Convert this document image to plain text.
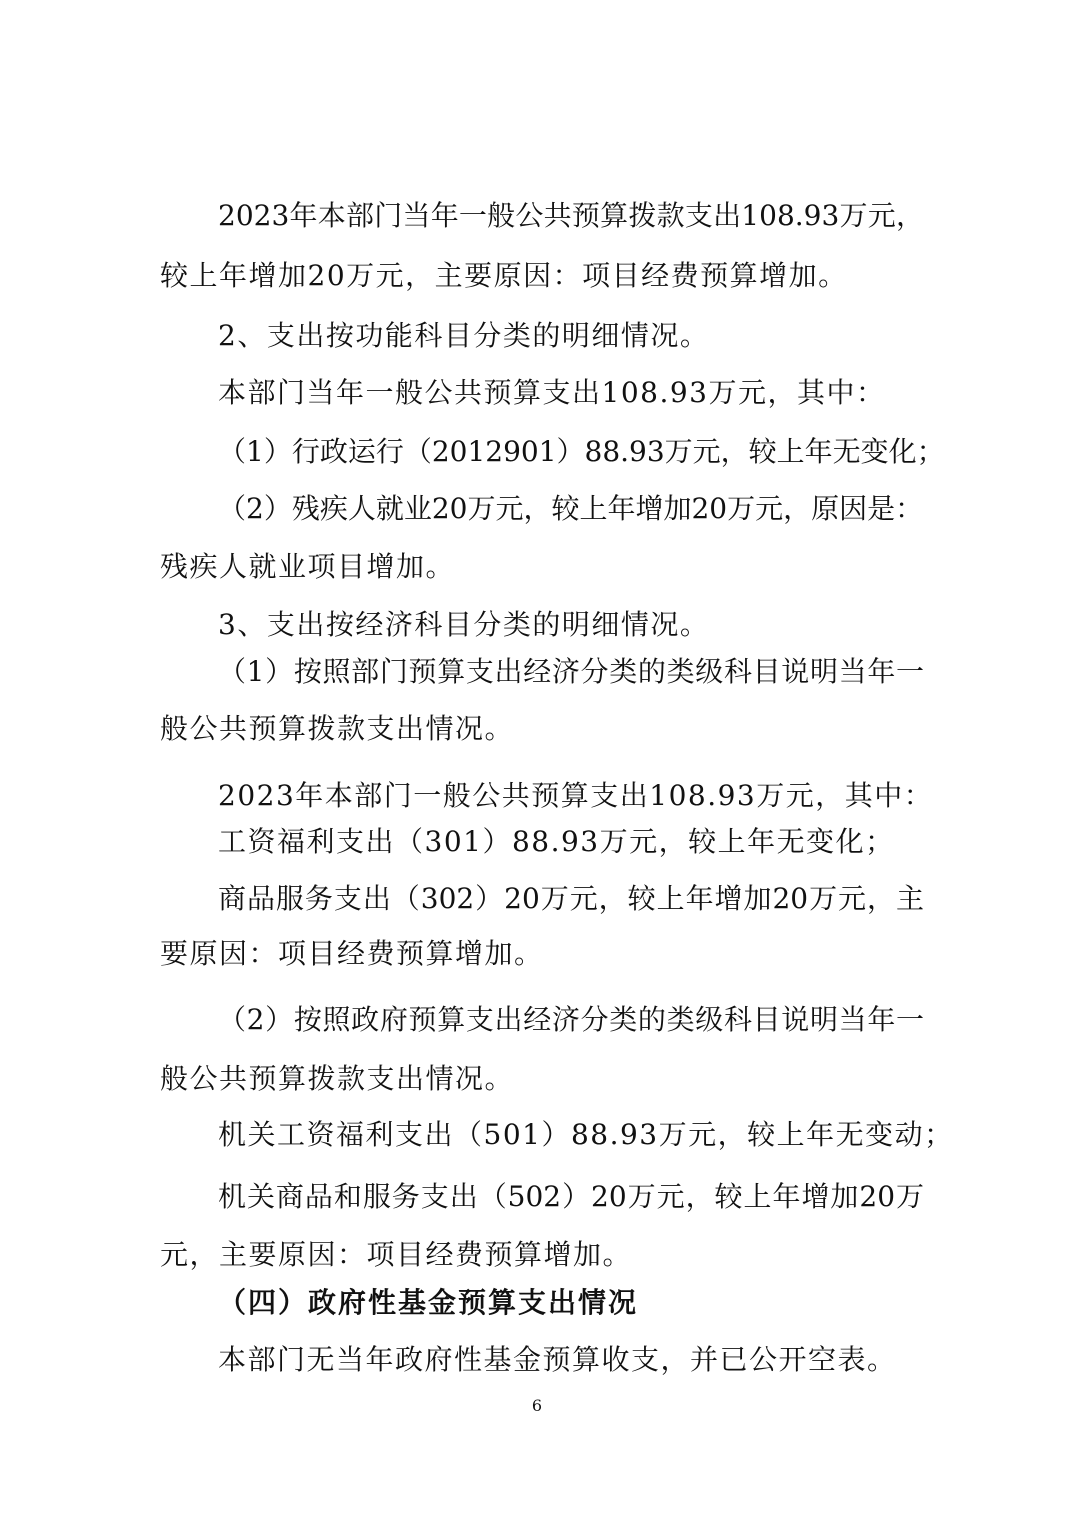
2023年本部门当年一般公共预算拨款支出108.93万元，
较上年增加20万元，主要原因：项目经费预算增加。
2、支出按功能科目分类的明细情况。
本部门当年一般公共预算支出108.93万元，其中：
（1）行政运行（2012901）88.93万元，较上年无变化；
（2）残疾人就业20万元，较上年增加20万元，原因是：
残疾人就业项目增加。
3、支出按经济科目分类的明细情况。
（1）按照部门预算支出经济分类的类级科目说明当年一
般公共预算拨款支出情况。
2023年本部门一般公共预算支出108.93万元，其中：
工资福利支出（301）88.93万元，较上年无变化；
商品服务支出（302）20万元，较上年增加20万元，主
要原因：项目经费预算增加。
（2）按照政府预算支出经济分类的类级科目说明当年一
般公共预算拨款支出情况。
机关工资福利支出（501）88.93万元，较上年无变动；
机关商品和服务支出（502）20万元，较上年增加20万
元，主要原因：项目经费预算增加。
（四）政府性基金预算支出情况
本部门无当年政府性基金预算收支，并已公开空表。
6
